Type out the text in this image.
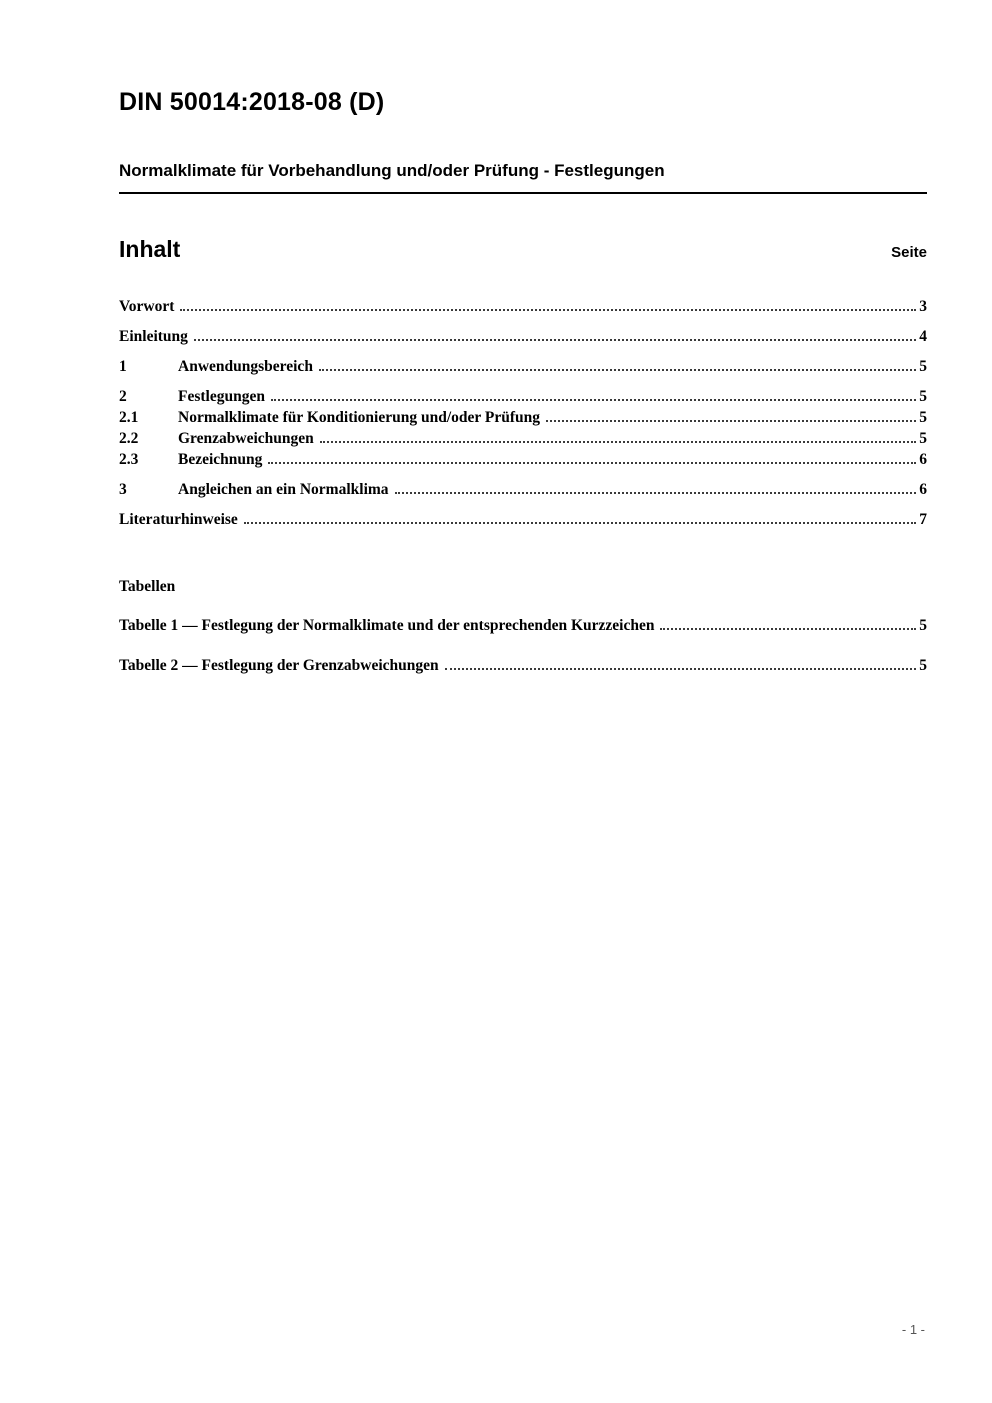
DIN 50014:2018-08 (D)
Normalklimate für Vorbehandlung und/oder Prüfung - Festlegungen
Inhalt	Seite
Vorwort	3
Einleitung	4
1	Anwendungsbereich	5
2	Festlegungen	5
2.1	Normalklimate für Konditionierung und/oder Prüfung	5
2.2	Grenzabweichungen	5
2.3	Bezeichnung	6
3	Angleichen an ein Normalklima	6
Literaturhinweise	7
Tabellen
Tabelle 1 — Festlegung der Normalklimate und der entsprechenden Kurzzeichen	5
Tabelle 2 — Festlegung der Grenzabweichungen	5
- 1 -
